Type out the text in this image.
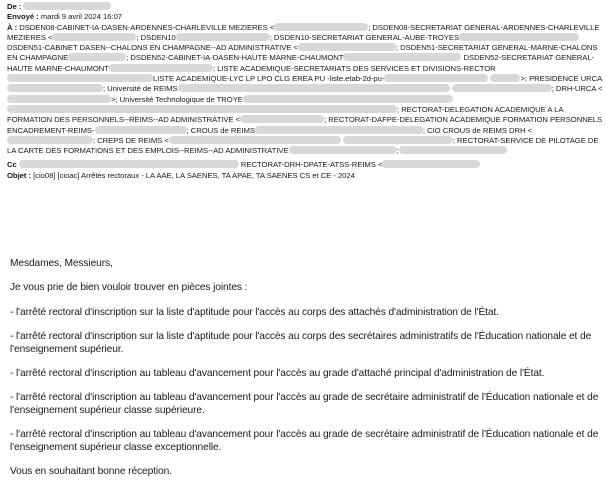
De :
Envoyé : mardi 9 avril 2024 16:07
À : DSDEN08-CABINET-IA-DASEN-ARDENNES-CHARLEVILLE MEZIERES <	; DSDEN08-SECRETARIAT GENERAL-ARDENNES-CHARLEVILLE MEZIERES <	; DSDEN10	; DSDEN10-SECRETARIAT GENERAL-AUBE-TROYES DSDEN51-CABINET DASEN--CHALONS EN CHAMPAGNE--AD ADMINISTRATIVE <	; DSDEN51-SECRETARIAT GENERAL-MARNE-CHALONS EN CHAMPAGNE	; DSDEN52-CABINET-IA-DASEN-HAUTE MARNE-CHAUMONT	DSDEN52-SECRETARIAT GENERAL-HAUTE MARNE-CHAUMONT	; LISTE ACADEMIQUE-SECRETARIATS DES SERVICES ET DIVISIONS-RECTORLISTE ACADEMIQUE-LYC LP LPO CLG EREA PU -liste.etab-2d-pu-	>; PRESIDENCE URCA; Université de REIMS	; DRH-URCA <>; Université Technologique de TROYE ; RECTORAT-DELEGATION ACADEMIQUE A LA FORMATION DES PERSONNELS--REIMS--AD ADMINISTRATIVE <	; RECTORAT-DAFPE-DELEGATION ACADEMIQUE FORMATION PERSONNELS ENCADREMENT-REIMS-	; CROUS de REIMS	; CIO CROUS de REIMS DRH <; CREPS DE REIMS <	; RECTORAT-SERVICE DE PILOTAGE DE LA CARTE DES FORMATIONS ET DES EMPLOIS--REIMS--AD ADMINISTRATIVE	;
Cc	RECTORAT-DRH-DPATE-ATSS-REIMS <
Objet : [cio08] [cioac] Arrêtés rectoraux - LA AAE, LA SAENES, TA APAE, TA SAENES CS et CE - 2024

Mesdames, Messieurs,

Je vous prie de bien vouloir trouver en pièces jointes :

- l'arrêté rectoral d'inscription sur la liste d'aptitude pour l'accès au corps des attachés d'administration de l'État.

- l'arrêté rectoral d'inscription sur la liste d'aptitude pour l'accès au corps des secrétaires administratifs de l'Éducation nationale et de l'enseignement supérieur.

- l'arrêté rectoral d'inscription au tableau d'avancement pour l'accès au grade d'attaché principal d'administration de l'État.

- l'arrêté rectoral d'inscription au tableau d'avancement pour l'accès au grade de secrétaire administratif de l'Éducation nationale et de l'enseignement supérieur classe supérieure.

- l'arrêté rectoral d'inscription au tableau d'avancement pour l'accès au grade de secrétaire administratif de l'Éducation nationale et de l'enseignement supérieur classe exceptionnelle.

Vous en souhaitant bonne réception.
